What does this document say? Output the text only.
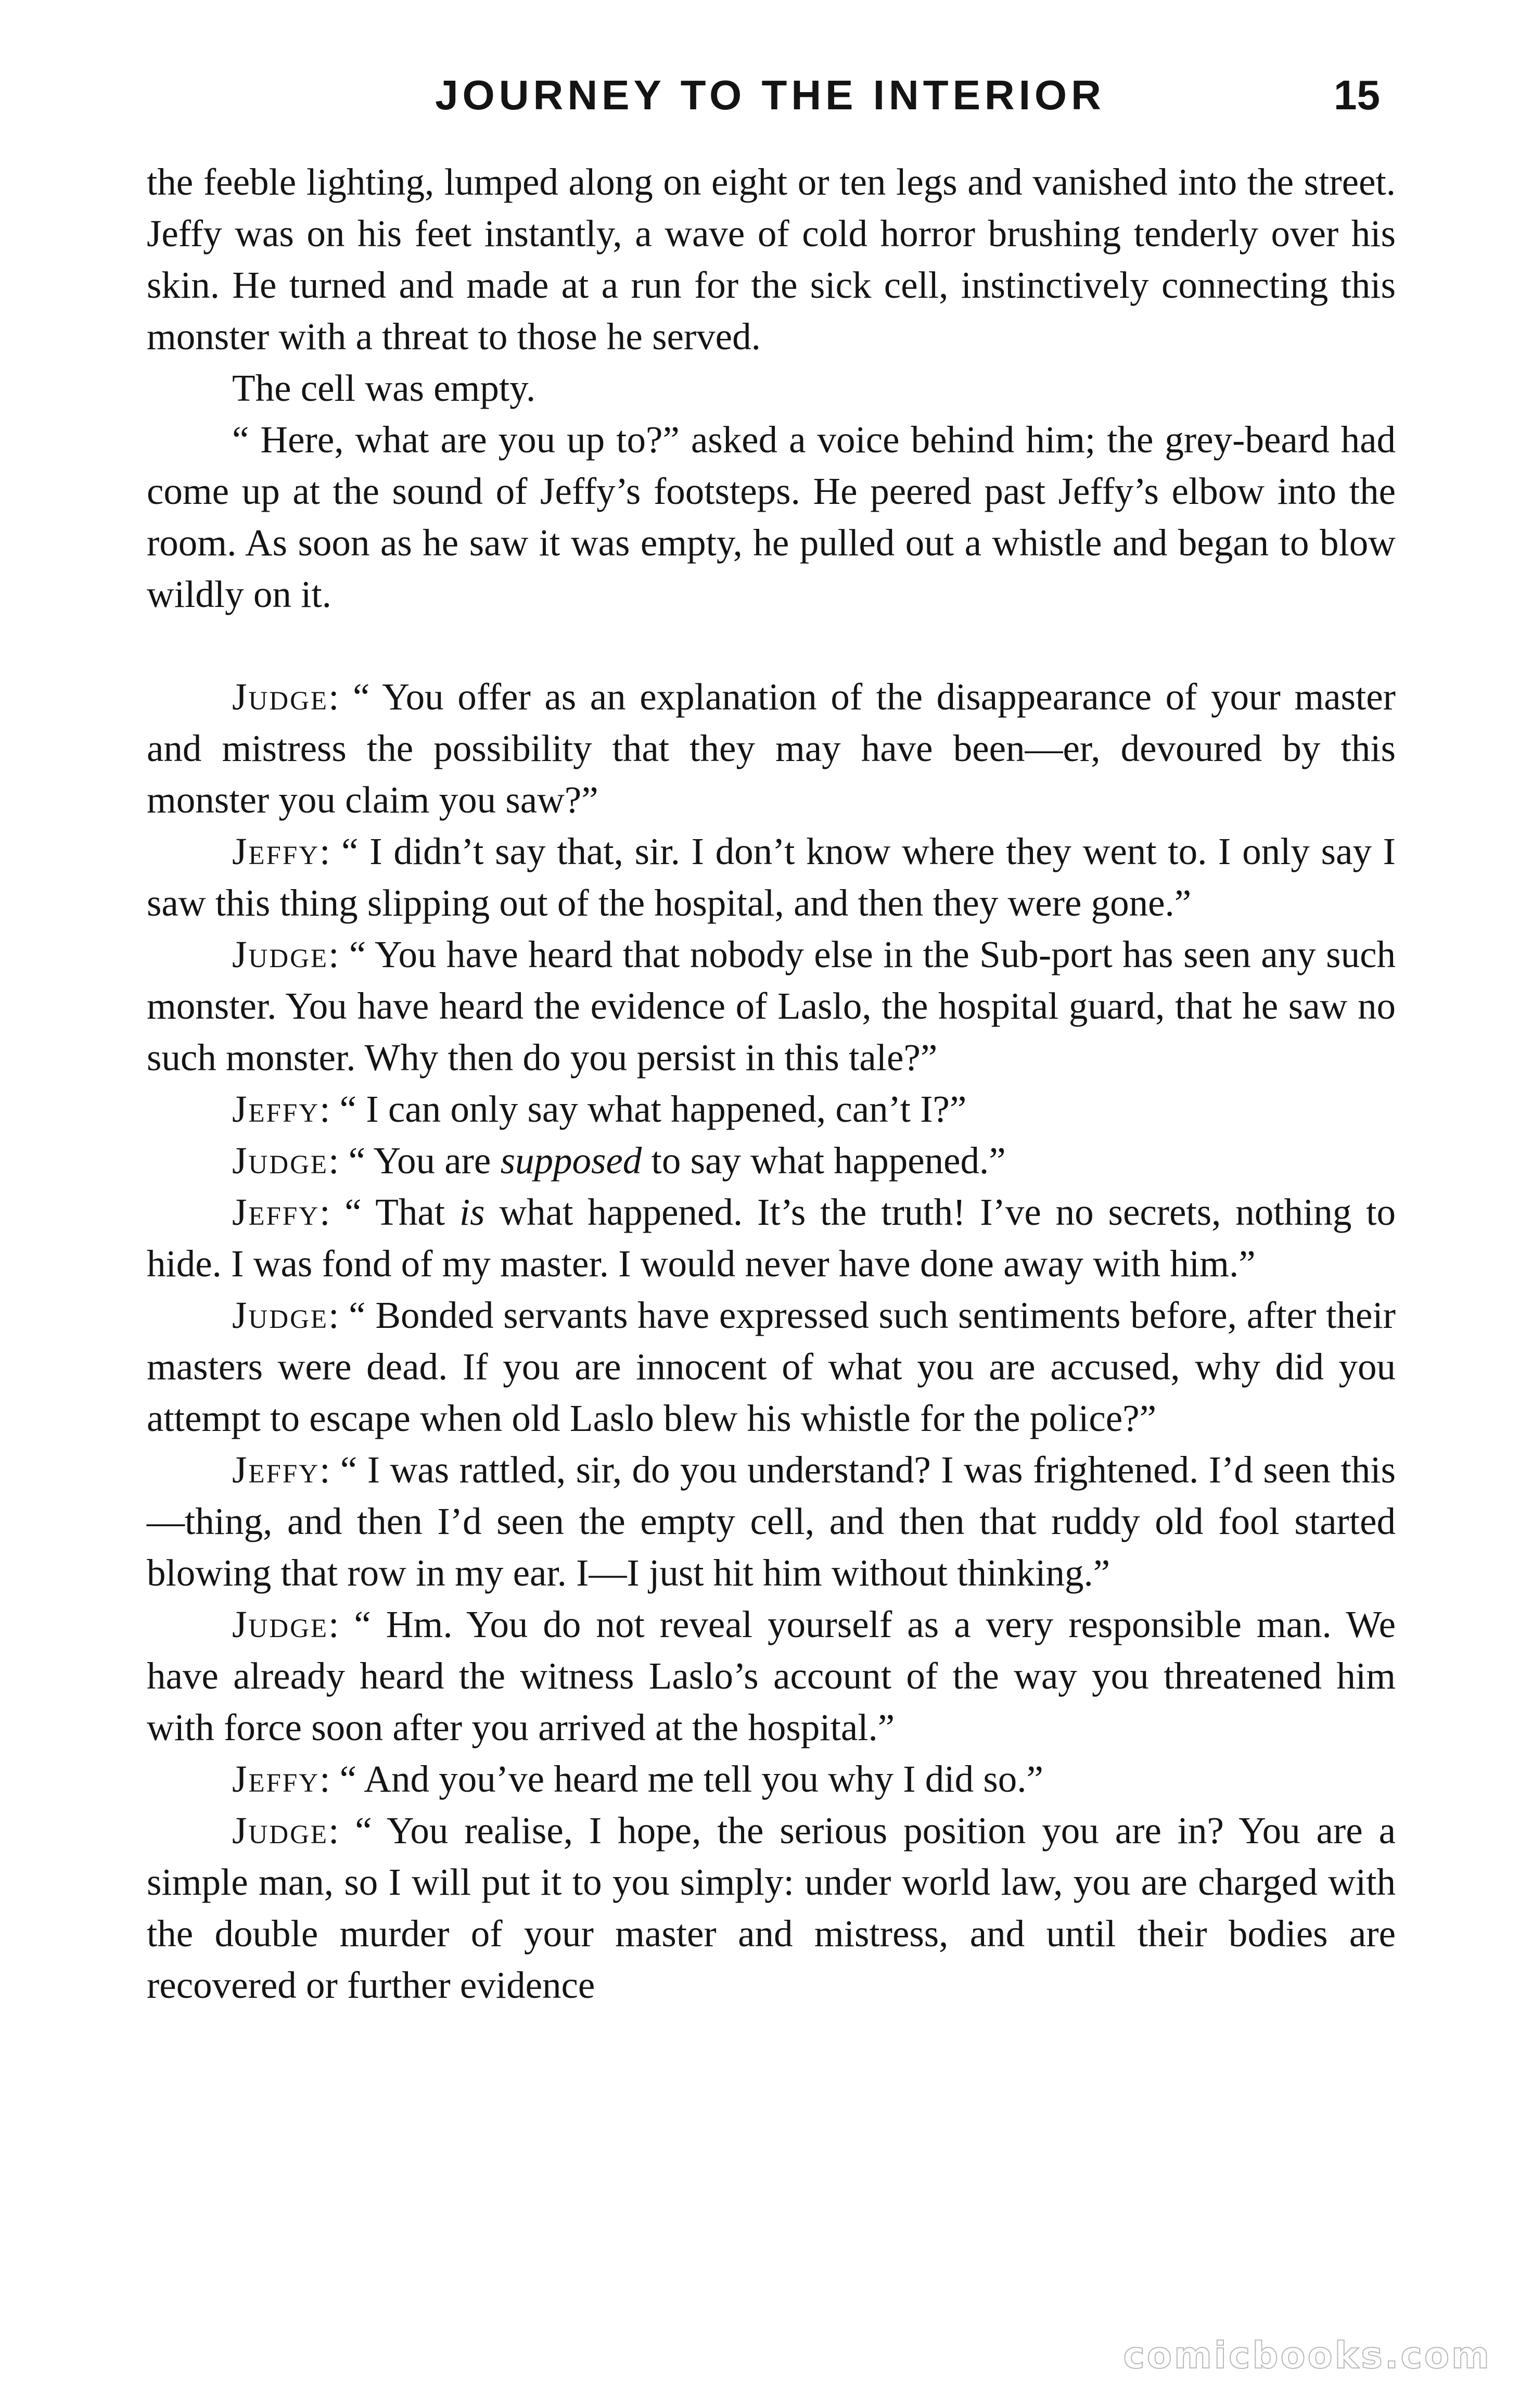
JOURNEY TO THE INTERIOR	15

the feeble lighting, lumped along on eight or ten legs and vanished into the street. Jeffy was on his feet instantly, a wave of cold horror brushing tenderly over his skin. He turned and made at a run for the sick cell, instinctively connecting this monster with a threat to those he served.

The cell was empty.

“ Here, what are you up to?” asked a voice behind him; the grey-beard had come up at the sound of Jeffy’s footsteps. He peered past Jeffy’s elbow into the room. As soon as he saw it was empty, he pulled out a whistle and began to blow wildly on it.

Judge: “ You offer as an explanation of the disappearance of your master and mistress the possibility that they may have been—er, devoured by this monster you claim you saw?”

Jeffy: “ I didn’t say that, sir. I don’t know where they went to. I only say I saw this thing slipping out of the hospital, and then they were gone.”

Judge: “ You have heard that nobody else in the Sub-port has seen any such monster. You have heard the evidence of Laslo, the hospital guard, that he saw no such monster. Why then do you persist in this tale?”

Jeffy: “ I can only say what happened, can’t I?”

Judge: “ You are supposed to say what happened.”

Jeffy: “ That is what happened. It’s the truth! I’ve no secrets, nothing to hide. I was fond of my master. I would never have done away with him.”

Judge: “ Bonded servants have expressed such sentiments before, after their masters were dead. If you are innocent of what you are accused, why did you attempt to escape when old Laslo blew his whistle for the police?”

Jeffy: “ I was rattled, sir, do you understand? I was frightened. I’d seen this—thing, and then I’d seen the empty cell, and then that ruddy old fool started blowing that row in my ear. I—I just hit him without thinking.”

Judge: “ Hm. You do not reveal yourself as a very responsible man. We have already heard the witness Laslo’s account of the way you threatened him with force soon after you arrived at the hospital.”

Jeffy: “ And you’ve heard me tell you why I did so.”

Judge: “ You realise, I hope, the serious position you are in? You are a simple man, so I will put it to you simply: under world law, you are charged with the double murder of your master and mistress, and until their bodies are recovered or further evidence

comicbooks.com
